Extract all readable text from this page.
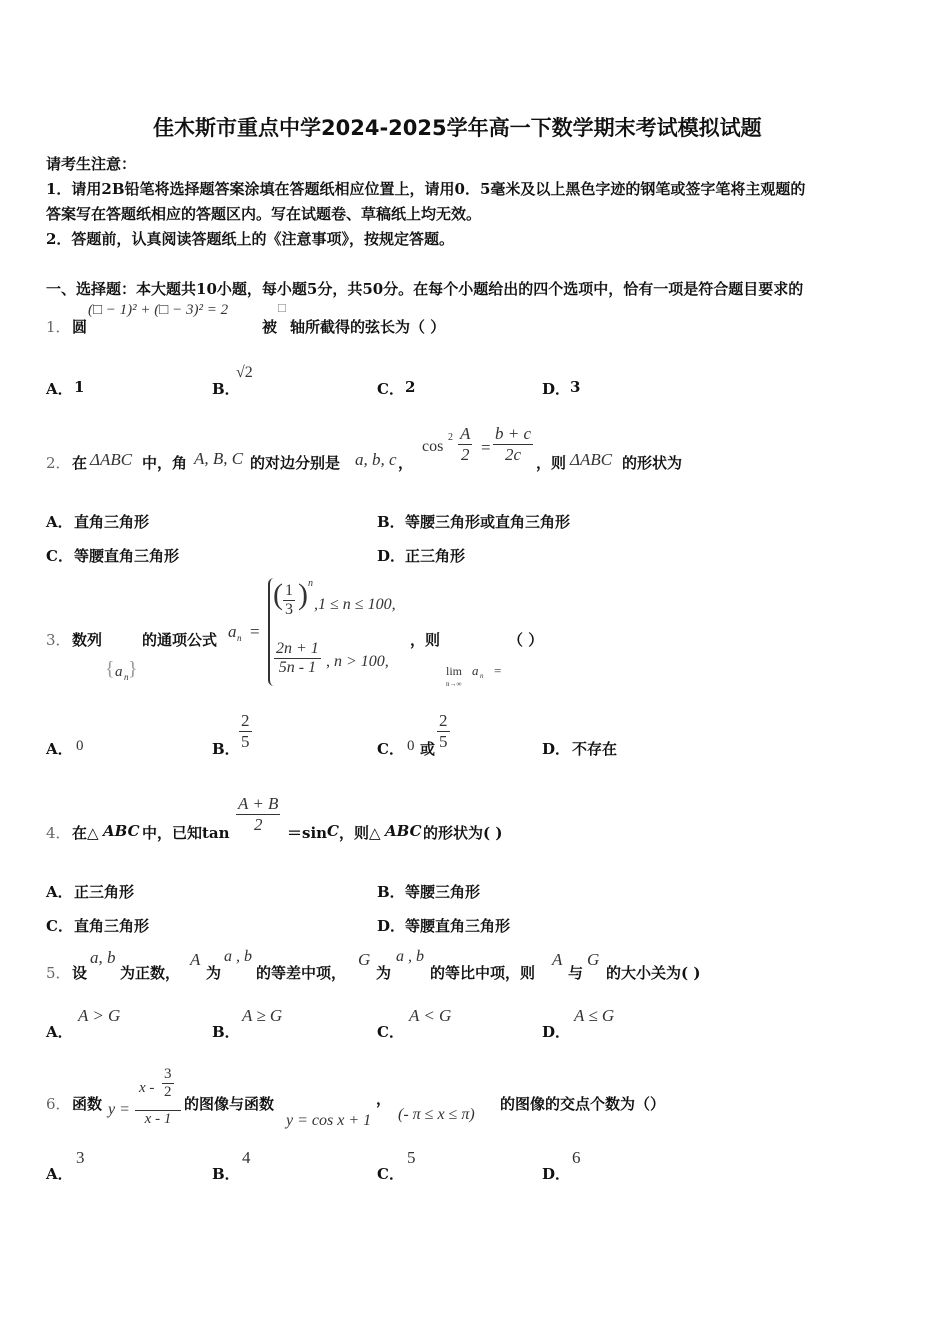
佳木斯市重点中学2024-2025学年高一下数学期末考试模拟试题
请考生注意：
1．请用2B铅笔将选择题答案涂填在答题纸相应位置上，请用0．5毫米及以上黑色字迹的钢笔或签字笔将主观题的
答案写在答题纸相应的答题区内。写在试题卷、草稿纸上均无效。
2．答题前，认真阅读答题纸上的《注意事项》，按规定答题。
一、选择题：本大题共10小题，每小题5分，共50分。在每个小题给出的四个选项中，恰有一项是符合题目要求的
1． 圆
(□ − 1)² + (□ − 3)² = 2	□
被 轴所截得的弦长为（ ）
A． 1	B．
√2
C． 2	D． 3
2． 在 ΔABC 中，角 A, B, C 的对边分别是 a, b, c ，
cos
$2 \frac{A}{2} = \frac{b + c}{2c}$ ，则 ΔABC 的形状为
A． 直角三角形	B． 等腰三角形或直角三角形
C． 等腰直角三角形	D． 正三角形
3． 数列
{ a n }
的通项公式 a n =
( $\frac{1}{3}$ ) n
,1 ≤ n ≤ 100,
$\frac{2n + 1}{5n - 1}$ , n > 100,
，则
lim
n→∞
a n =
（ ）
A． 0	B． $\frac{2}{5}$	C． 0 或 $\frac{2}{5}$	D． 不存在
4． 在△ ABC 中，已知$\tan \frac{A + B}{2} =\sin$ C ，则△ ABC 的形状为( )
A． 正三角形	B． 等腰三角形
C． 直角三角形	D． 等腰直角三角形
5． 设
a, b
为正数，
A
为
a , b
的等差中项，
G
为
a , b
的等比中项，则
A
与
G
的大小关为( )
A．
A > G
B．
A ≥ G
C．
A < G
D．
A ≤ G
6． 函数 $y = \frac{x - \frac{3}{2}}{x - 1}$ 的图像与函数	，
y = cos x + 1 (- π ≤ x ≤ π)
的图像的交点个数为（）
A．
3
B．
4
C．
5
D．
6
